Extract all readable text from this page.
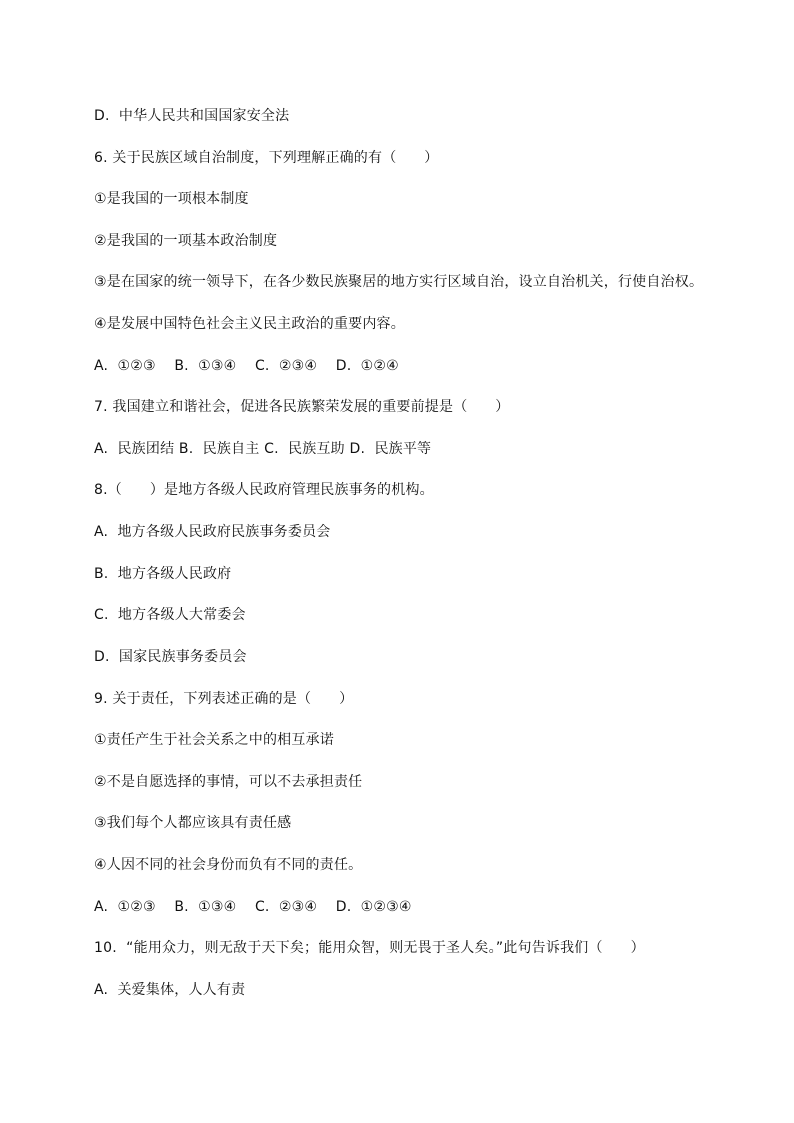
D.  中华人民共和国国家安全法
6. 关于民族区域自治制度，下列理解正确的有（      ）
①是我国的一项根本制度
②是我国的一项基本政治制度
③是在国家的统一领导下，在各少数民族聚居的地方实行区域自治，设立自治机关，行使自治权。
④是发展中国特色社会主义民主政治的重要内容。
A.  ①②③    B.  ①③④    C.  ②③④    D.  ①②④
7. 我国建立和谐社会，促进各民族繁荣发展的重要前提是（      ）
A.  民族团结 B.  民族自主 C.  民族互助 D.  民族平等
8.（      ）是地方各级人民政府管理民族事务的机构。
A.  地方各级人民政府民族事务委员会
B.  地方各级人民政府
C.  地方各级人大常委会
D.  国家民族事务委员会
9. 关于责任，下列表述正确的是（      ）
①责任产生于社会关系之中的相互承诺
②不是自愿选择的事情，可以不去承担责任
③我们每个人都应该具有责任感
④人因不同的社会身份而负有不同的责任。
A.  ①②③    B.  ①③④    C.  ②③④    D.  ①②③④
10.  “能用众力，则无敌于天下矣；能用众智，则无畏于圣人矣。”此句告诉我们（      ）
A.  关爱集体，人人有责
